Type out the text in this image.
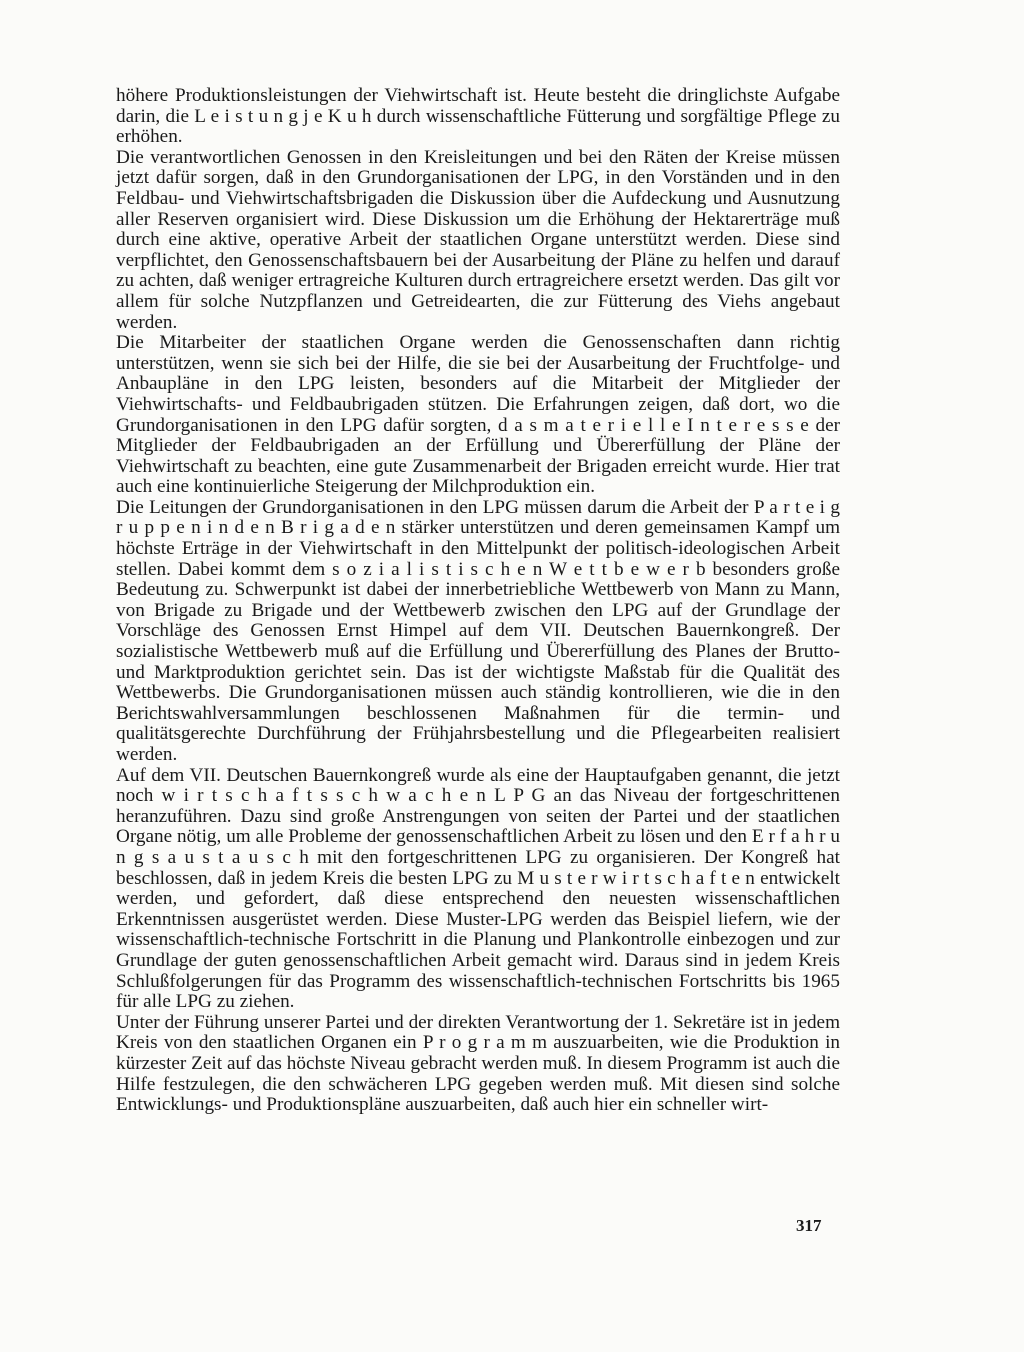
höhere Produktionsleistungen der Viehwirtschaft ist. Heute besteht die dringlichste Aufgabe darin, die L e i s t u n g j e K u h durch wissenschaftliche Fütterung und sorgfältige Pflege zu erhöhen.

Die verantwortlichen Genossen in den Kreisleitungen und bei den Räten der Kreise müssen jetzt dafür sorgen, daß in den Grundorganisationen der LPG, in den Vorständen und in den Feldbau- und Viehwirtschaftsbrigaden die Diskussion über die Aufdeckung und Ausnutzung aller Reserven organisiert wird. Diese Diskussion um die Erhöhung der Hektarerträge muß durch eine aktive, operative Arbeit der staatlichen Organe unterstützt werden. Diese sind verpflichtet, den Genossenschaftsbauern bei der Ausarbeitung der Pläne zu helfen und darauf zu achten, daß weniger ertragreiche Kulturen durch ertragreichere ersetzt werden. Das gilt vor allem für solche Nutzpflanzen und Getreidearten, die zur Fütterung des Viehs angebaut werden.

Die Mitarbeiter der staatlichen Organe werden die Genossenschaften dann richtig unterstützen, wenn sie sich bei der Hilfe, die sie bei der Ausarbeitung der Fruchtfolge- und Anbaupläne in den LPG leisten, besonders auf die Mitarbeit der Mitglieder der Viehwirtschafts- und Feldbaubrigaden stützen. Die Erfahrungen zeigen, daß dort, wo die Grundorganisationen in den LPG dafür sorgten, d a s m a t e r i e l l e I n t e r e s s e der Mitglieder der Feldbaubrigaden an der Erfüllung und Übererfüllung der Pläne der Viehwirtschaft zu beachten, eine gute Zusammenarbeit der Brigaden erreicht wurde. Hier trat auch eine kontinuierliche Steigerung der Milchproduktion ein.

Die Leitungen der Grundorganisationen in den LPG müssen darum die Arbeit der P a r t e i g r u p p e n i n d e n B r i g a d e n stärker unterstützen und deren gemeinsamen Kampf um höchste Erträge in der Viehwirtschaft in den Mittelpunkt der politisch-ideologischen Arbeit stellen. Dabei kommt dem s o z i a l i s t i s c h e n W e t t b e w e r b besonders große Bedeutung zu. Schwerpunkt ist dabei der innerbetriebliche Wettbewerb von Mann zu Mann, von Brigade zu Brigade und der Wettbewerb zwischen den LPG auf der Grundlage der Vorschläge des Genossen Ernst Himpel auf dem VII. Deutschen Bauernkongreß. Der sozialistische Wettbewerb muß auf die Erfüllung und Übererfüllung des Planes der Brutto- und Marktproduktion gerichtet sein. Das ist der wichtigste Maßstab für die Qualität des Wettbewerbs. Die Grundorganisationen müssen auch ständig kontrollieren, wie die in den Berichtswahlversammlungen beschlossenen Maßnahmen für die termin- und qualitätsgerechte Durchführung der Frühjahrsbestellung und die Pflegearbeiten realisiert werden.

Auf dem VII. Deutschen Bauernkongreß wurde als eine der Hauptaufgaben genannt, die jetzt noch w i r t s c h a f t s s c h w a c h e n L P G an das Niveau der fortgeschrittenen heranzuführen. Dazu sind große Anstrengungen von seiten der Partei und der staatlichen Organe nötig, um alle Probleme der genossenschaftlichen Arbeit zu lösen und den E r f a h r u n g s a u s t a u s c h mit den fortgeschrittenen LPG zu organisieren. Der Kongreß hat beschlossen, daß in jedem Kreis die besten LPG zu M u s t e r w i r t s c h a f t e n entwickelt werden, und gefordert, daß diese entsprechend den neuesten wissenschaftlichen Erkenntnissen ausgerüstet werden. Diese Muster-LPG werden das Beispiel liefern, wie der wissenschaftlich-technische Fortschritt in die Planung und Plankontrolle einbezogen und zur Grundlage der guten genossenschaftlichen Arbeit gemacht wird. Daraus sind in jedem Kreis Schlußfolgerungen für das Programm des wissenschaftlich-technischen Fortschritts bis 1965 für alle LPG zu ziehen.

Unter der Führung unserer Partei und der direkten Verantwortung der 1. Sekretäre ist in jedem Kreis von den staatlichen Organen ein P r o g r a m m auszuarbeiten, wie die Produktion in kürzester Zeit auf das höchste Niveau gebracht werden muß. In diesem Programm ist auch die Hilfe festzulegen, die den schwächeren LPG gegeben werden muß. Mit diesen sind solche Entwicklungs- und Produktionspläne auszuarbeiten, daß auch hier ein schneller wirt-

317
